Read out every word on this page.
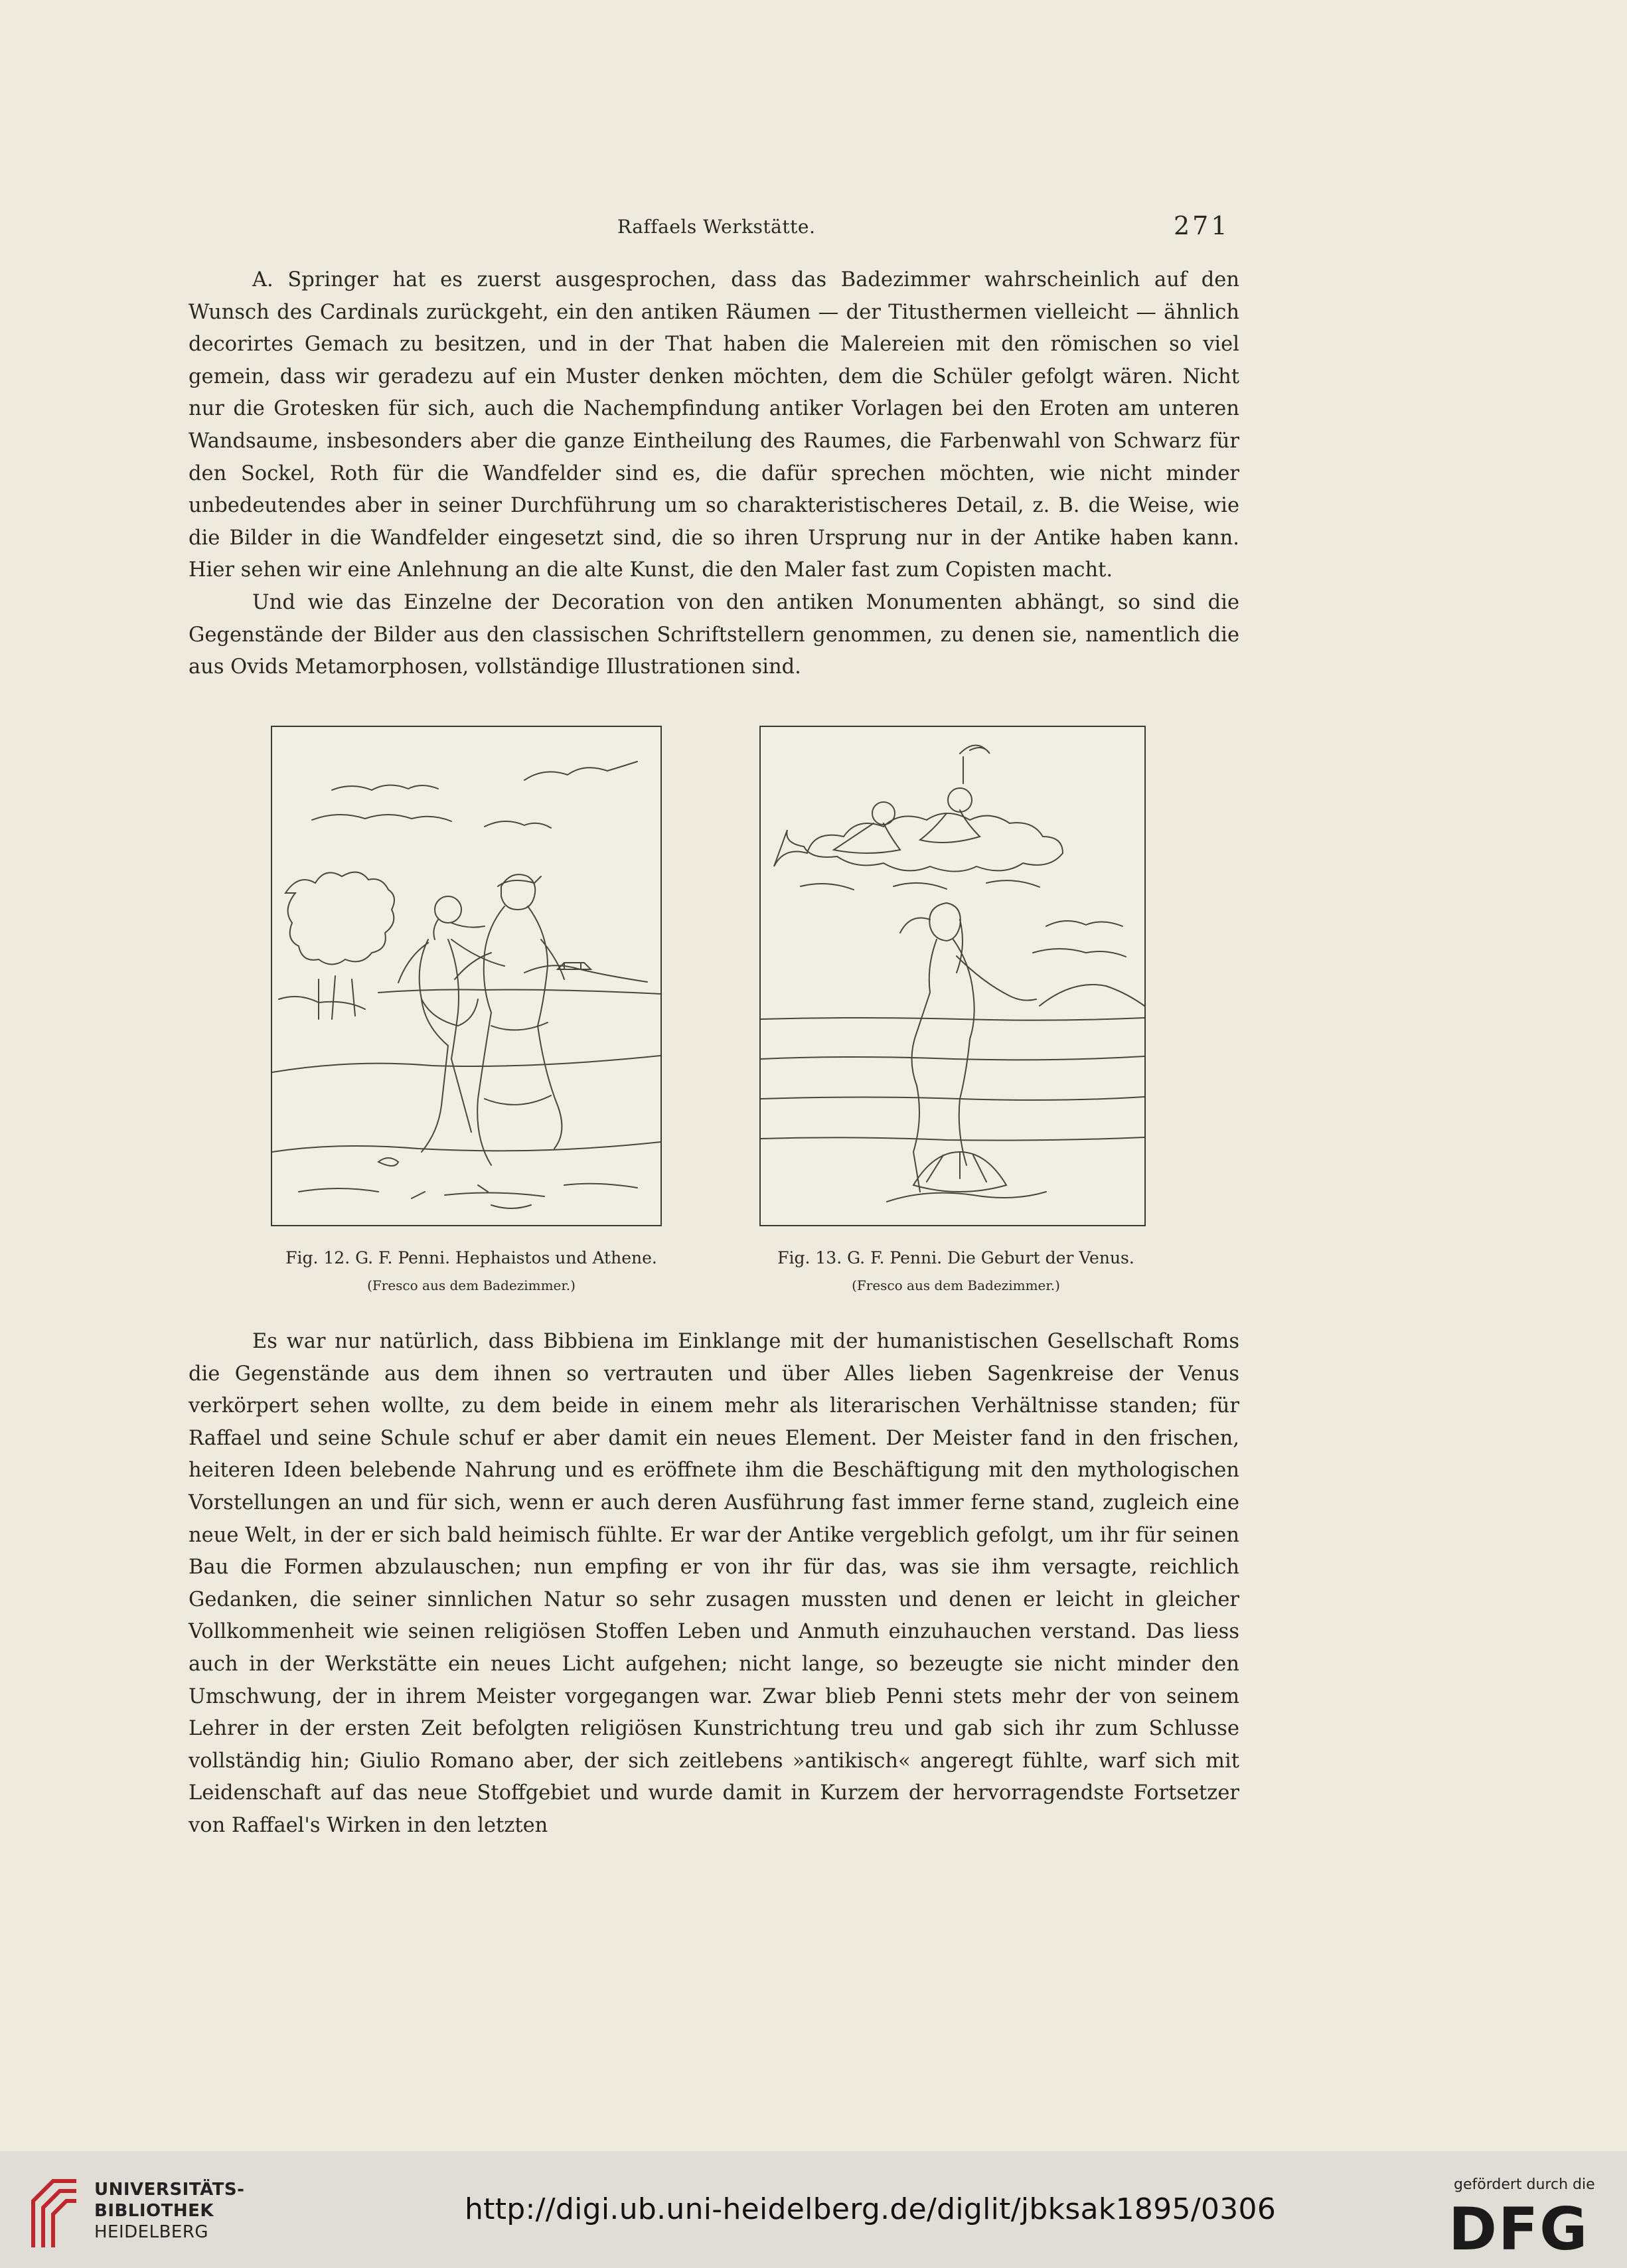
Raffaels Werkstätte.	271

A. Springer hat es zuerst ausgesprochen, dass das Badezimmer wahrscheinlich auf den Wunsch des Cardinals zurückgeht, ein den antiken Räumen — der Titusthermen vielleicht — ähnlich decorirtes Gemach zu besitzen, und in der That haben die Malereien mit den römischen so viel gemein, dass wir geradezu auf ein Muster denken möchten, dem die Schüler gefolgt wären. Nicht nur die Grotesken für sich, auch die Nachempfindung antiker Vorlagen bei den Eroten am unteren Wandsaume, insbesonders aber die ganze Eintheilung des Raumes, die Farbenwahl von Schwarz für den Sockel, Roth für die Wandfelder sind es, die dafür sprechen möchten, wie nicht minder unbedeutendes aber in seiner Durchführung um so charakteristischeres Detail, z. B. die Weise, wie die Bilder in die Wandfelder eingesetzt sind, die so ihren Ursprung nur in der Antike haben kann. Hier sehen wir eine Anlehnung an die alte Kunst, die den Maler fast zum Copisten macht.

Und wie das Einzelne der Decoration von den antiken Monumenten abhängt, so sind die Gegenstände der Bilder aus den classischen Schriftstellern genommen, zu denen sie, namentlich die aus Ovids Metamorphosen, vollständige Illustrationen sind.

Fig. 12. G. F. Penni. Hephaistos und Athene.
(Fresco aus dem Badezimmer.)
Fig. 13. G. F. Penni. Die Geburt der Venus.
(Fresco aus dem Badezimmer.)

Es war nur natürlich, dass Bibbiena im Einklange mit der humanistischen Gesellschaft Roms die Gegenstände aus dem ihnen so vertrauten und über Alles lieben Sagenkreise der Venus verkörpert sehen wollte, zu dem beide in einem mehr als literarischen Verhältnisse standen; für Raffael und seine Schule schuf er aber damit ein neues Element. Der Meister fand in den frischen, heiteren Ideen belebende Nahrung und es eröffnete ihm die Beschäftigung mit den mythologischen Vorstellungen an und für sich, wenn er auch deren Ausführung fast immer ferne stand, zugleich eine neue Welt, in der er sich bald heimisch fühlte. Er war der Antike vergeblich gefolgt, um ihr für seinen Bau die Formen abzulauschen; nun empfing er von ihr für das, was sie ihm versagte, reichlich Gedanken, die seiner sinnlichen Natur so sehr zusagen mussten und denen er leicht in gleicher Vollkommenheit wie seinen religiösen Stoffen Leben und Anmuth einzuhauchen verstand. Das liess auch in der Werkstätte ein neues Licht aufgehen; nicht lange, so bezeugte sie nicht minder den Umschwung, der in ihrem Meister vorgegangen war. Zwar blieb Penni stets mehr der von seinem Lehrer in der ersten Zeit befolgten religiösen Kunstrichtung treu und gab sich ihr zum Schlusse vollständig hin; Giulio Romano aber, der sich zeitlebens »antikisch« angeregt fühlte, warf sich mit Leidenschaft auf das neue Stoffgebiet und wurde damit in Kurzem der hervorragendste Fortsetzer von Raffael's Wirken in den letzten

UNIVERSITÄTS-
BIBLIOTHEK
HEIDELBERG
http://digi.ub.uni-heidelberg.de/diglit/jbksak1895/0306
gefördert durch die
DFG
